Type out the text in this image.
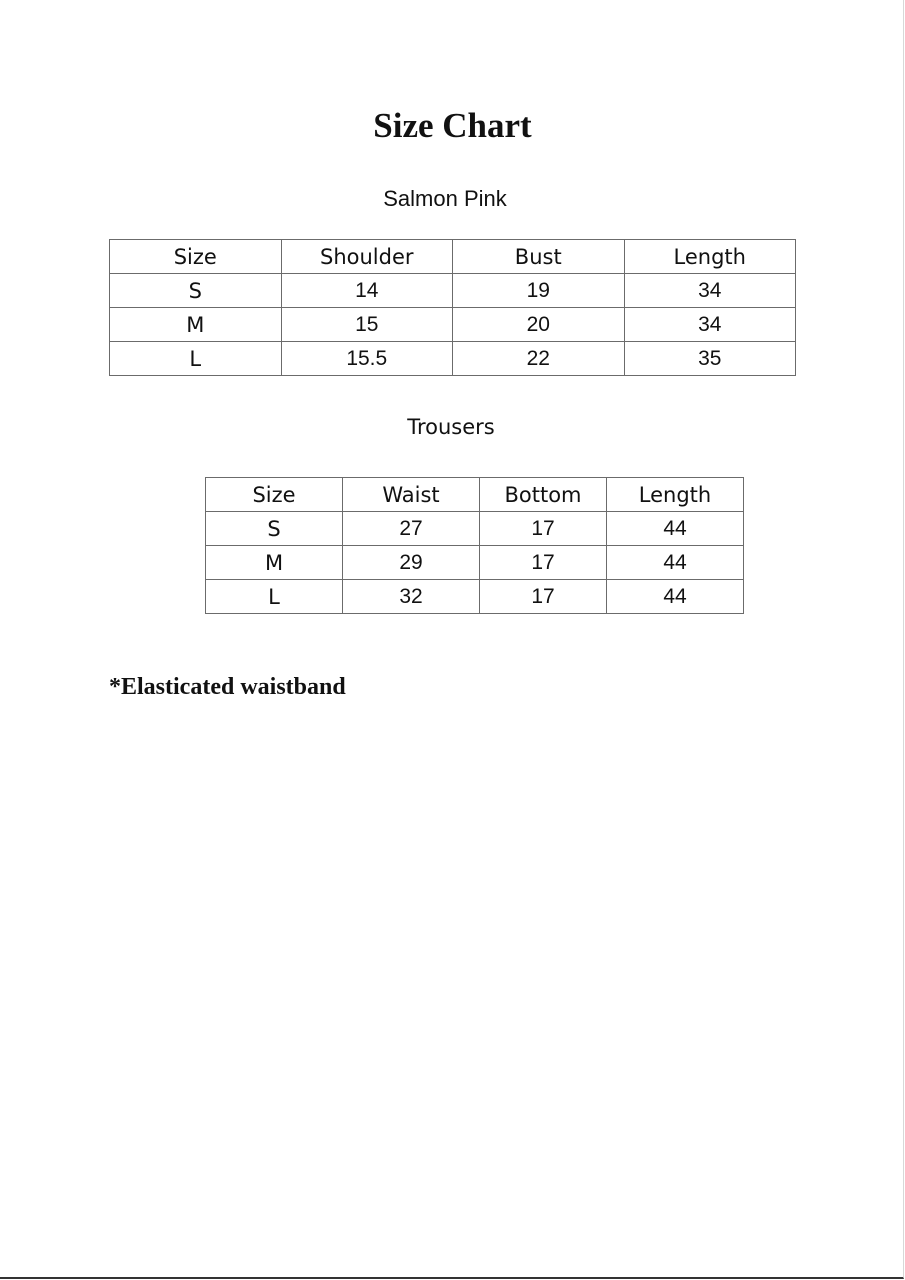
Size Chart
Salmon Pink
Size	Shoulder	Bust	Length
S	14	19	34
M	15	20	34
L	15.5	22	35
Trousers
Size	Waist	Bottom	Length
S	27	17	44
M	29	17	44
L	32	17	44
*Elasticated waistband
